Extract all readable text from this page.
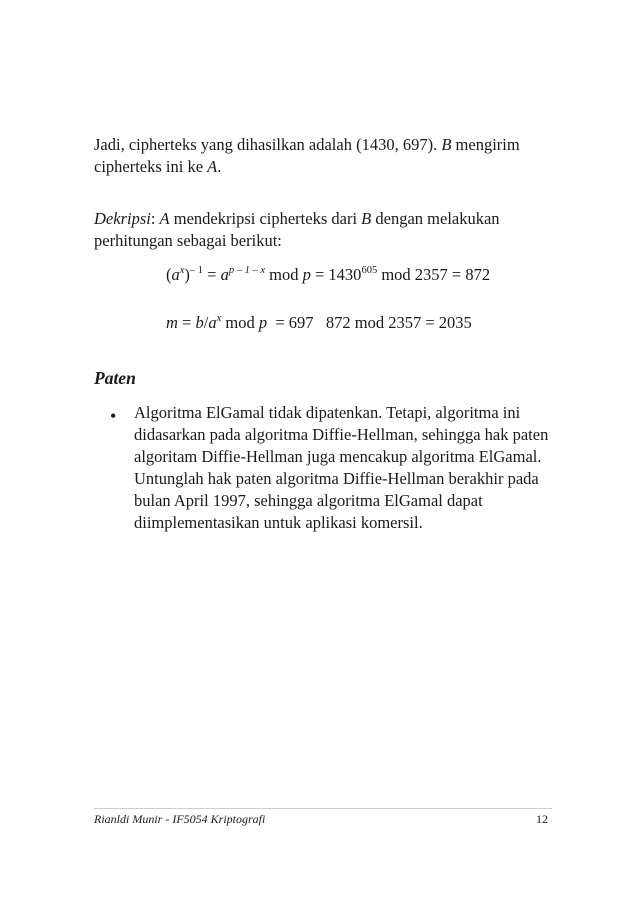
Jadi, cipherteks yang dihasilkan adalah (1430, 697). B mengirim cipherteks ini ke A.
Dekripsi: A mendekripsi cipherteks dari B dengan melakukan perhitungan sebagai berikut:
$(a^x)^{- 1} = a^{p - 1 - x}$ mod $p = 1430^{605}$ mod 2357 = 872
$m = b/a^x$ mod p  = 697   872 mod 2357 = 2035
Paten
• Algoritma ElGamal tidak dipatenkan. Tetapi, algoritma ini didasarkan pada algoritma Diffie-Hellman, sehingga hak paten algoritam Diffie-Hellman juga mencakup algoritma ElGamal. Untunglah hak paten algoritma Diffie-Hellman berakhir pada bulan April 1997, sehingga algoritma ElGamal dapat diimplementasikan untuk aplikasi komersil.
Rianldi Munir - IF5054 Kriptografi	12
